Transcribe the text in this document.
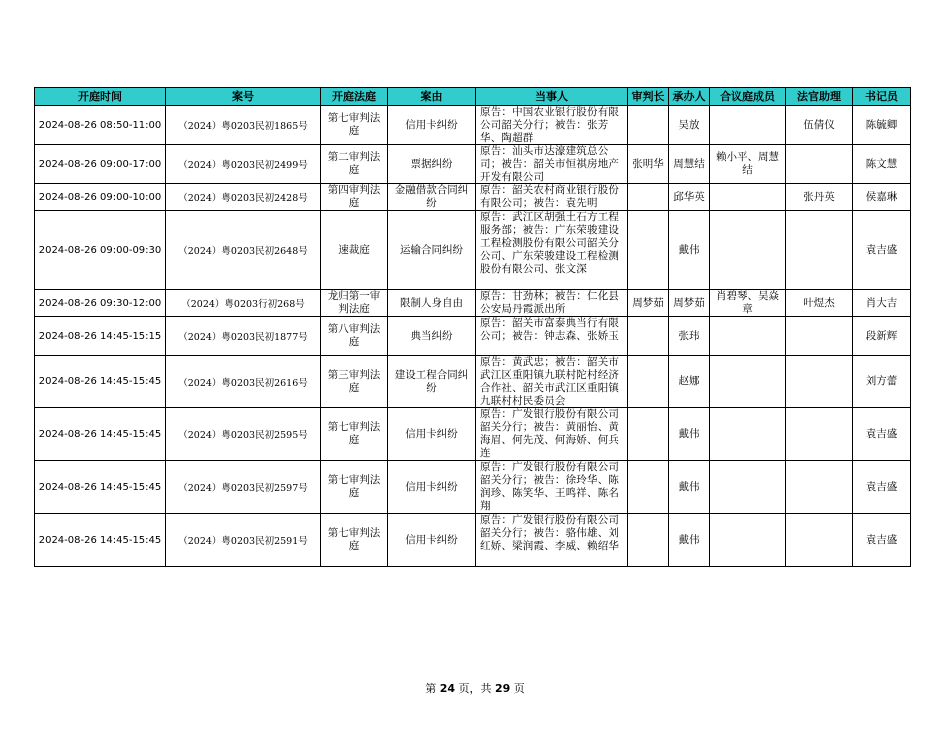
开庭时间	案号	开庭法庭	案由	当事人	审判长	承办人	合议庭成员	法官助理	书记员
2024-08-26 08:50-11:00	（2024）粤0203民初1865号	第七审判法庭	信用卡纠纷	原告：中国农业银行股份有限公司韶关分行；被告：张芳华、陶超群		吴放		伍倩仪	陈毓卿
2024-08-26 09:00-17:00	（2024）粤0203民初2499号	第二审判法庭	票据纠纷	原告：汕头市达濠建筑总公司；被告：韶关市恒祺房地产开发有限公司	张明华	周慧结	赖小平、周慧结		陈文慧
2024-08-26 09:00-10:00	（2024）粤0203民初2428号	第四审判法庭	金融借款合同纠纷	原告：韶关农村商业银行股份有限公司；被告：袁先明		邱华英		张丹英	侯嘉琳
2024-08-26 09:00-09:30	（2024）粤0203民初2648号	速裁庭	运输合同纠纷	原告：武江区胡强土石方工程服务部；被告：广东荣骏建设工程检测股份有限公司韶关分公司、广东荣骏建设工程检测股份有限公司、张文深		戴伟			袁吉盛
2024-08-26 09:30-12:00	（2024）粤0203行初268号	龙归第一审判法庭	限制人身自由	原告：甘劲林；被告：仁化县公安局丹霞派出所	周梦茹	周梦茹	肖碧琴、吴焱章	叶煜杰	肖大吉
2024-08-26 14:45-15:15	（2024）粤0203民初1877号	第八审判法庭	典当纠纷	原告：韶关市富泰典当行有限公司；被告：钟志森、张娇玉		张玮			段新辉
2024-08-26 14:45-15:45	（2024）粤0203民初2616号	第三审判法庭	建设工程合同纠纷	原告：黄武忠；被告：韶关市武江区重阳镇九联村陀村经济合作社、韶关市武江区重阳镇九联村村民委员会		赵娜			刘方蕾
2024-08-26 14:45-15:45	（2024）粤0203民初2595号	第七审判法庭	信用卡纠纷	原告：广发银行股份有限公司韶关分行；被告：黄丽怡、黄海眉、何先茂、何海娇、何兵连		戴伟			袁吉盛
2024-08-26 14:45-15:45	（2024）粤0203民初2597号	第七审判法庭	信用卡纠纷	原告：广发银行股份有限公司韶关分行；被告：徐玲华、陈润珍、陈笑华、王鸣祥、陈名翔		戴伟			袁吉盛
2024-08-26 14:45-15:45	（2024）粤0203民初2591号	第七审判法庭	信用卡纠纷	原告：广发银行股份有限公司韶关分行；被告：骆伟雄、刘红娇、梁润霞、李威、赖绍华		戴伟			袁吉盛
第 24 页，共 29 页
